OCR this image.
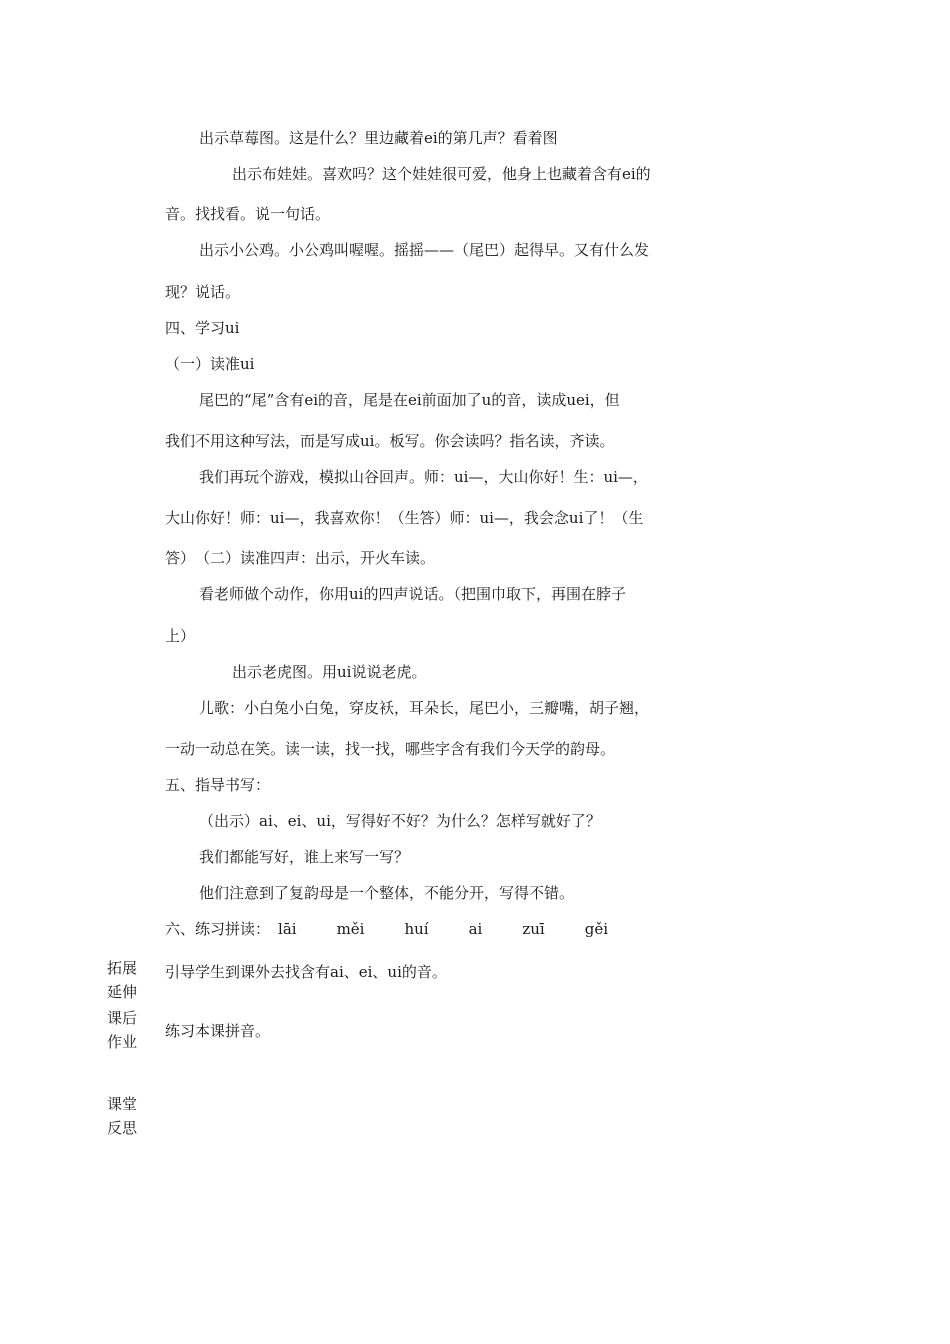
出示草莓图。这是什么？里边藏着ei的第几声？看着图

出示布娃娃。喜欢吗？这个娃娃很可爱，他身上也藏着含有ei的

音。找找看。说一句话。

出示小公鸡。小公鸡叫喔喔。摇摇——（尾巴）起得早。又有什么发

现？说话。

四、学习ui

（一）读准ui

尾巴的“尾”含有ei的音，尾是在ei前面加了u的音，读成uei，但

我们不用这种写法，而是写成ui。板写。你会读吗？指名读，齐读。

我们再玩个游戏，模拟山谷回声。师：ui—，大山你好！生：ui—，

大山你好！师：ui—，我喜欢你！（生答）师：ui—，我会念ui了！（生

答）　（二）读准四声：出示，开火车读。

看老师做个动作，你用ui的四声说话。（把围巾取下，再围在脖子

上）

出示老虎图。用ui说说老虎。

儿歌：小白兔小白兔，穿皮袄，耳朵长，尾巴小，三瓣嘴，胡子翘，

一动一动总在笑。读一读，找一找，哪些字含有我们今天学的韵母。

五、指导书写：

（出示）ai、ei、ui，写得好不好？为什么？怎样写就好了？

我们都能写好，谁上来写一写？

他们注意到了复韵母是一个整体，不能分开，写得不错。

六、练习拼读： lāi	měi	huí	ai	zuī	gěi

拓展
延伸

引导学生到课外去找含有ai、ei、ui的音。

课后
作业

练习本课拼音。

课堂
反思
